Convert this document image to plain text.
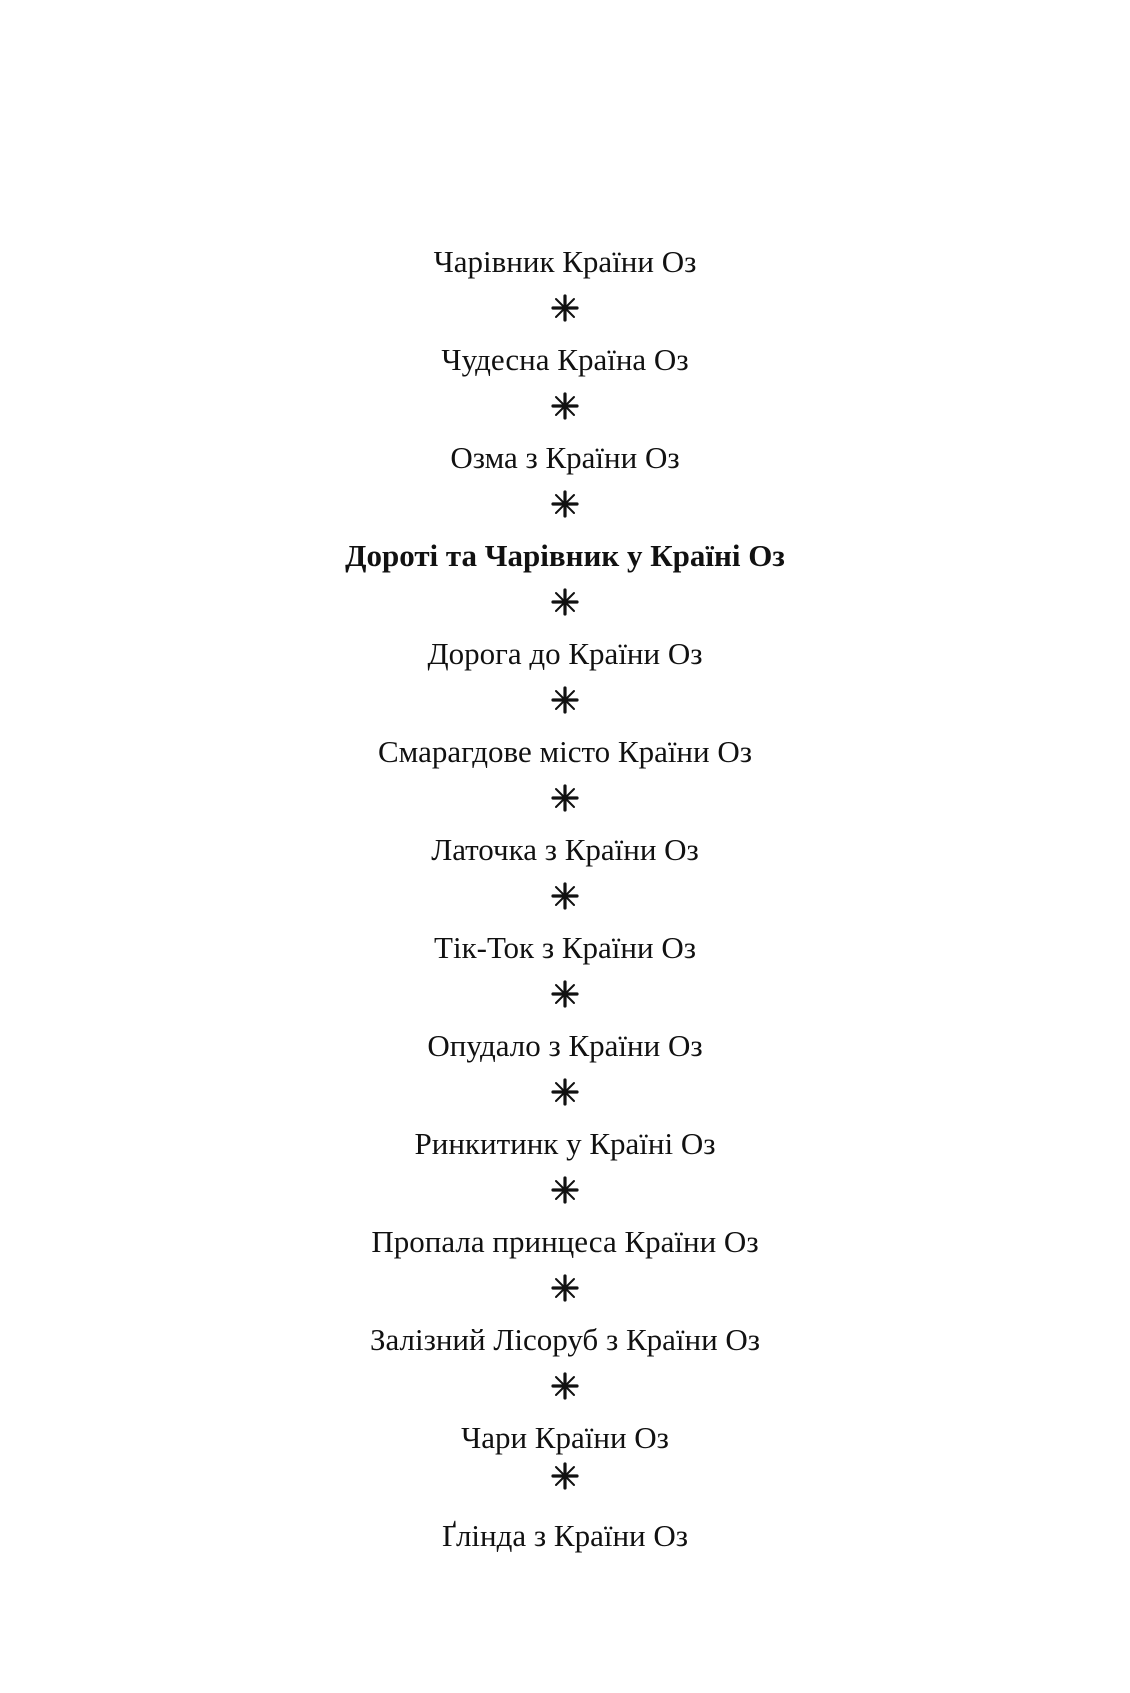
Чарівник Країни Оз
Чудесна Країна Оз
Озма з Країни Оз
Дороті та Чарівник у Країні Оз
Дорога до Країни Оз
Смарагдове місто Країни Оз
Латочка з Країни Оз
Тік-Ток з Країни Оз
Опудало з Країни Оз
Ринкитинк у Країні Оз
Пропала принцеса Країни Оз
Залізний Лісоруб з Країни Оз
Чари Країни Оз
Ґлінда з Країни Оз
